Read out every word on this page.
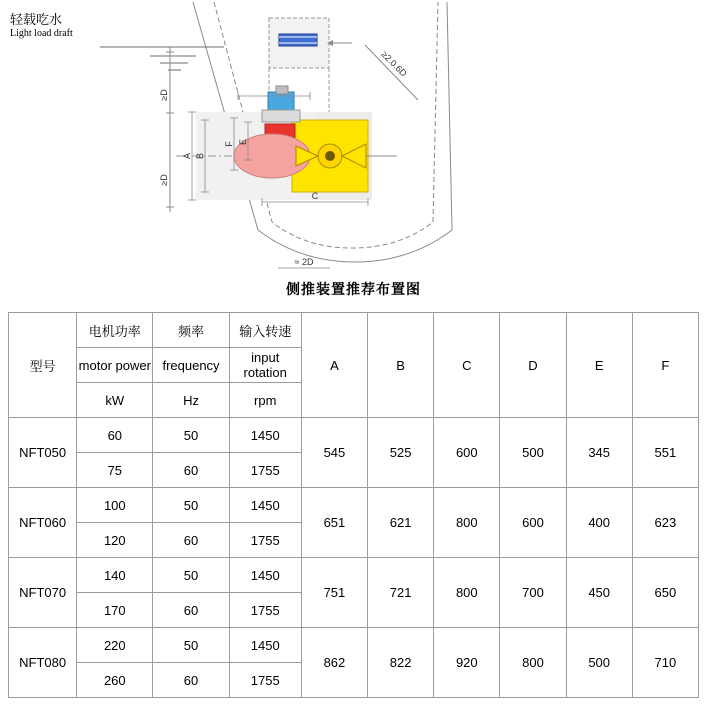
≥D
≥D
≥2.0.6D
A B
F E
C
≈ 2D
轻载吃水
Light load draft
侧推装置推荐布置图
型号	电机功率	频率	输入转速	A	B	C	D	E	F
	motor power	frequency	input rotation						
	kW	Hz	rpm						
NFT050	60	50	1450	545	525	600	500	345	551
	75	60	1755						
NFT060	100	50	1450	651	621	800	600	400	623
	120	60	1755						
NFT070	140	50	1450	751	721	800	700	450	650
	170	60	1755						
NFT080	220	50	1450	862	822	920	800	500	710
	260	60	1755						
